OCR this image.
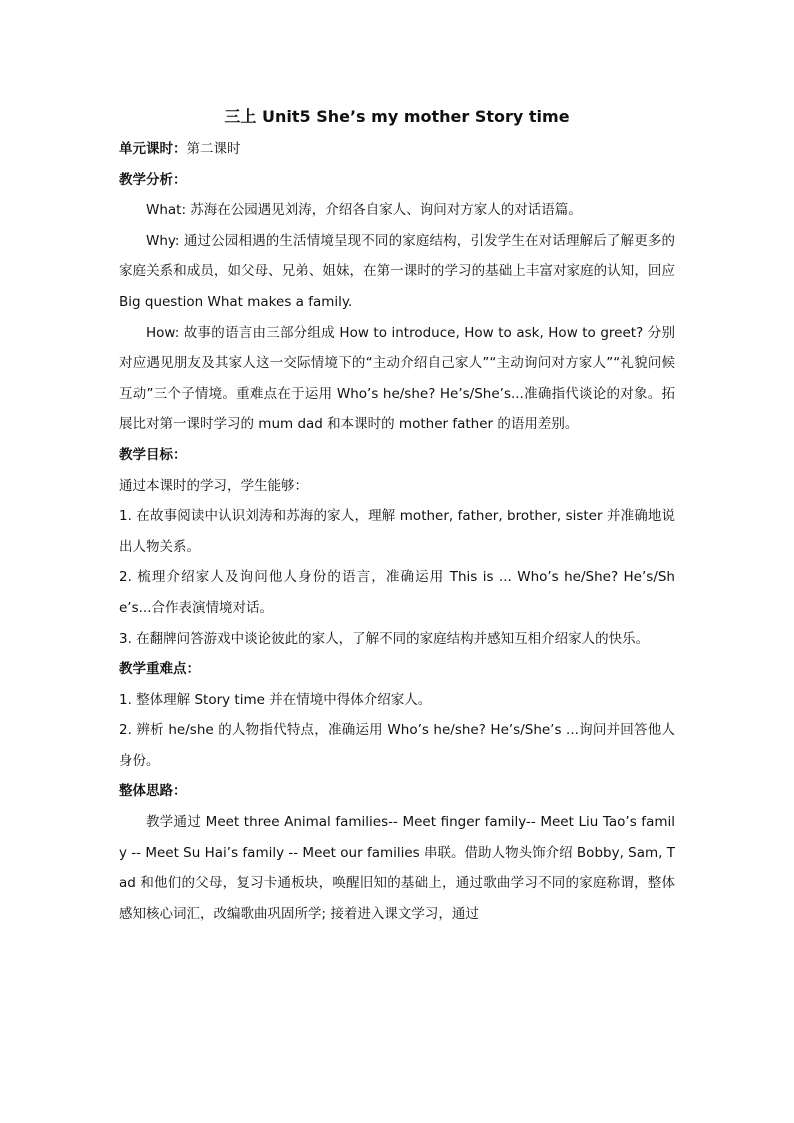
三上 Unit5 She’s my mother Story time

单元课时：第二课时

教学分析：

What: 苏海在公园遇见刘涛，介绍各自家人、询问对方家人的对话语篇。

Why: 通过公园相遇的生活情境呈现不同的家庭结构，引发学生在对话理解后了解更多的家庭关系和成员，如父母、兄弟、姐妹，在第一课时的学习的基础上丰富对家庭的认知，回应 Big question What makes a family.

How: 故事的语言由三部分组成 How to introduce, How to ask, How to greet? 分别对应遇见朋友及其家人这一交际情境下的“主动介绍自己家人”“主动询问对方家人”“礼貌问候互动”三个子情境。重难点在于运用 Who’s he/she? He’s/She’s...准确指代谈论的对象。拓展比对第一课时学习的 mum dad 和本课时的 mother father 的语用差别。

教学目标：

通过本课时的学习，学生能够：

1. 在故事阅读中认识刘涛和苏海的家人，理解 mother, father, brother, sister 并准确地说出人物关系。

2. 梳理介绍家人及询问他人身份的语言，准确运用 This is ... Who’s he/She? He’s/She’s...合作表演情境对话。

3. 在翻牌问答游戏中谈论彼此的家人，了解不同的家庭结构并感知互相介绍家人的快乐。

教学重难点：

1. 整体理解 Story time 并在情境中得体介绍家人。

2. 辨析 he/she 的人物指代特点，准确运用 Who’s he/she? He’s/She’s ...询问并回答他人身份。

整体思路：

教学通过 Meet three Animal families-- Meet finger family-- Meet Liu Tao’s family -- Meet Su Hai’s family -- Meet our families 串联。借助人物头饰介绍 Bobby, Sam, Tad 和他们的父母，复习卡通板块，唤醒旧知的基础上，通过歌曲学习不同的家庭称谓，整体感知核心词汇，改编歌曲巩固所学; 接着进入课文学习，通过
